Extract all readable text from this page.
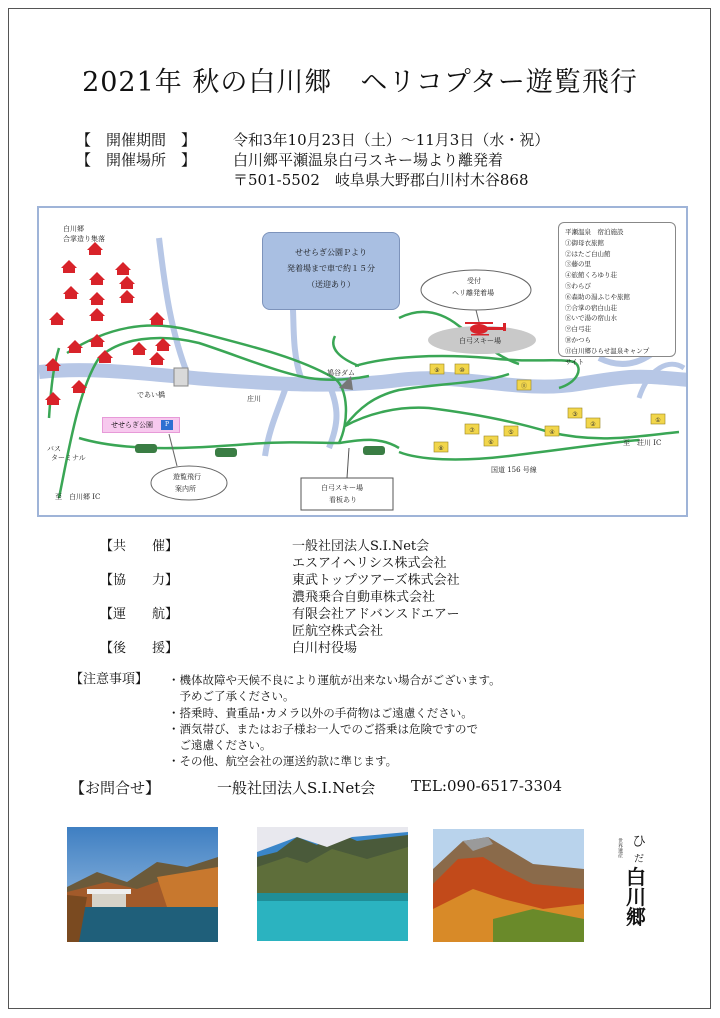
2021年 秋の白川郷　ヘリコプター遊覧飛行
【　開催期間　】 令和3年10月23日（土）～11月3日（水・祝）
【　開催場所　】 白川郷平瀬温泉白弓スキー場より離発着
〒501-5502　岐阜県大野郡白川村木谷868
⑨	⑩
⑪
③
②
④
⑤
⑦
⑥
⑧
①
白川郷
合掌造り集落
せせらぎ公園Ｐより
発着場まで車で約１５分
（送迎あり）	受付
ヘリ離発着場
白弓スキー場
であい橋	庄川
鳩谷ダム
せせらぎ公園	P
バス
ターミナル
遊覧飛行
案内所	白弓スキー場
看板あり
至　白川郷 IC
至　荘川 IC
国道 156 号線
平瀬温泉　宿泊施設
①御母衣旅館
②はたご白山館
③藤の里
④旅館くろゆり荘
⑤わらび
⑥森助の湯ふじや旅館
⑦合掌の宿白山荘
⑧いで湯の宿山水
⑨白弓荘
⑩かつら
⑪白川郷ひらせ温泉キャンプ
サイト
【共　　催】	一般社団法人S.I.Net会
エスアイヘリシス株式会社
【協　　力】	東武トップツアーズ株式会社
濃飛乗合自動車株式会社
【運　　航】	有限会社アドバンスドエアー
匠航空株式会社
【後　　援】	白川村役場
【注意事項】 ・機体故障や天候不良により運航が出来ない場合がございます。
　予めご了承ください。
・搭乗時、貴重品･カメラ以外の手荷物はご遠慮ください。
・酒気帯び、またはお子様お一人でのご搭乗は危険ですので
　ご遠慮ください。
・その他、航空会社の運送約款に準じます。
【お問合せ】	一般社団法人S.I.Net会 TEL:090-6517-3304
世界遺産 ひ
だ
白
川
郷
